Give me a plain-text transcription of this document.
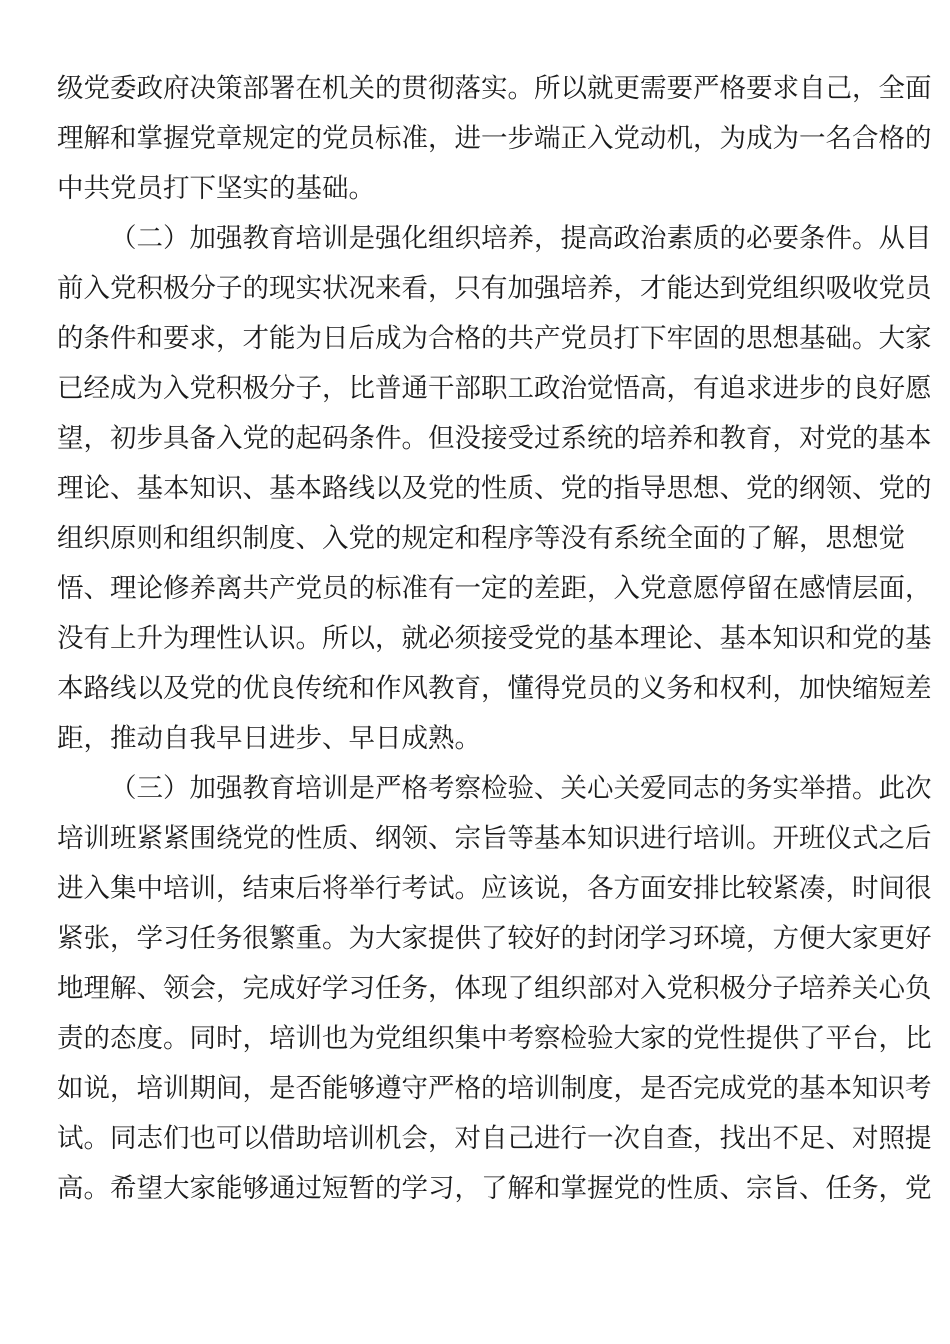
级党委政府决策部署在机关的贯彻落实。所以就更需要严格要求自己，全面
理解和掌握党章规定的党员标准，进一步端正入党动机，为成为一名合格的
中共党员打下坚实的基础。
（二）加强教育培训是强化组织培养，提高政治素质的必要条件。从目
前入党积极分子的现实状况来看，只有加强培养，才能达到党组织吸收党员
的条件和要求，才能为日后成为合格的共产党员打下牢固的思想基础。大家
已经成为入党积极分子，比普通干部职工政治觉悟高，有追求进步的良好愿
望，初步具备入党的起码条件。但没接受过系统的培养和教育，对党的基本
理论、基本知识、基本路线以及党的性质、党的指导思想、党的纲领、党的
组织原则和组织制度、入党的规定和程序等没有系统全面的了解，思想觉
悟、理论修养离共产党员的标准有一定的差距，入党意愿停留在感情层面，
没有上升为理性认识。所以，就必须接受党的基本理论、基本知识和党的基
本路线以及党的优良传统和作风教育，懂得党员的义务和权利，加快缩短差
距，推动自我早日进步、早日成熟。
（三）加强教育培训是严格考察检验、关心关爱同志的务实举措。此次
培训班紧紧围绕党的性质、纲领、宗旨等基本知识进行培训。开班仪式之后
进入集中培训，结束后将举行考试。应该说，各方面安排比较紧凑，时间很
紧张，学习任务很繁重。为大家提供了较好的封闭学习环境，方便大家更好
地理解、领会，完成好学习任务，体现了组织部对入党积极分子培养关心负
责的态度。同时，培训也为党组织集中考察检验大家的党性提供了平台，比
如说，培训期间，是否能够遵守严格的培训制度，是否完成党的基本知识考
试。同志们也可以借助培训机会，对自己进行一次自查，找出不足、对照提
高。希望大家能够通过短暂的学习，了解和掌握党的性质、宗旨、任务，党
